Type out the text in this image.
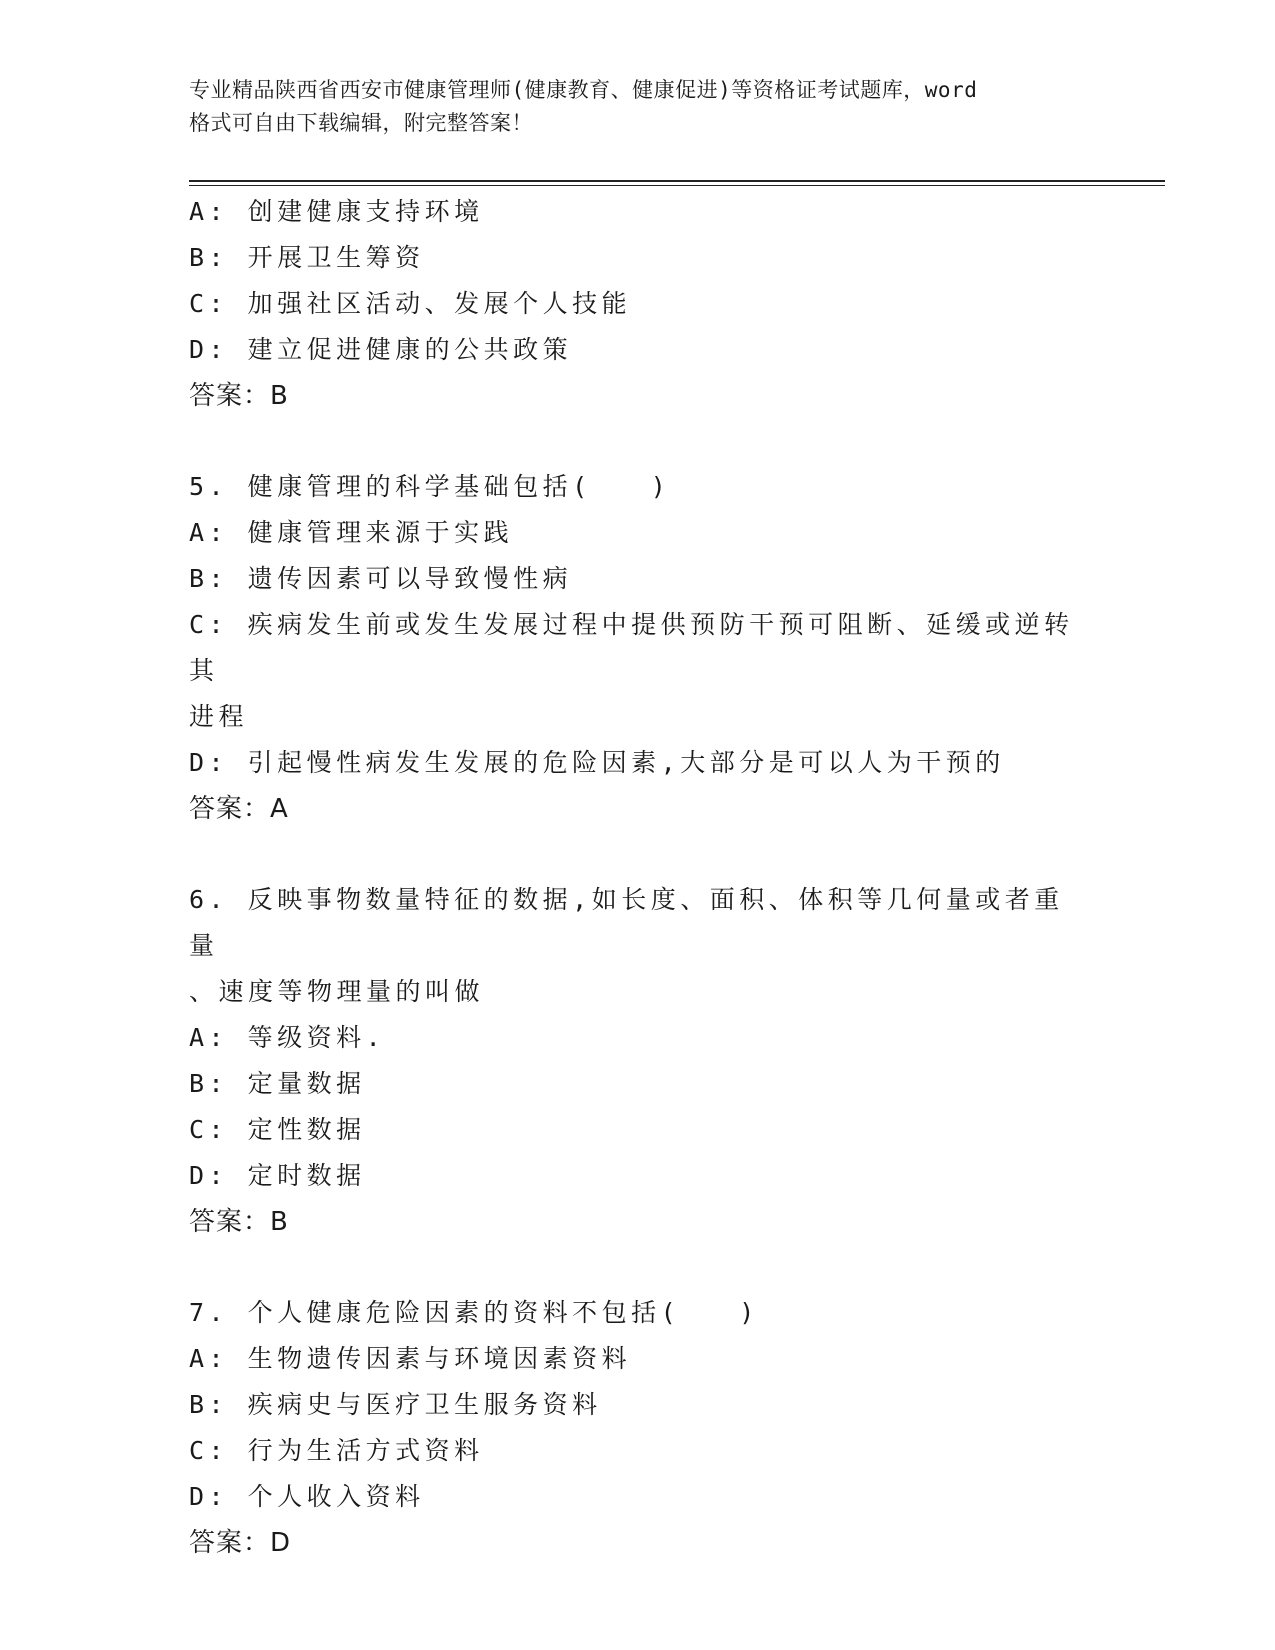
专业精品陕西省西安市健康管理师(健康教育、健康促进)等资格证考试题库，word
格式可自由下载编辑，附完整答案！
A: 创建健康支持环境
B: 开展卫生筹资
C: 加强社区活动、发展个人技能
D: 建立促进健康的公共政策
答案：B
5. 健康管理的科学基础包括(　　)
A: 健康管理来源于实践
B: 遗传因素可以导致慢性病
C: 疾病发生前或发生发展过程中提供预防干预可阻断、延缓或逆转其
进程
D: 引起慢性病发生发展的危险因素,大部分是可以人为干预的
答案：A
6. 反映事物数量特征的数据,如长度、面积、体积等几何量或者重量
、速度等物理量的叫做
A: 等级资料.
B: 定量数据
C: 定性数据
D: 定时数据
答案：B
7. 个人健康危险因素的资料不包括(　　)
A: 生物遗传因素与环境因素资料
B: 疾病史与医疗卫生服务资料
C: 行为生活方式资料
D: 个人收入资料
答案：D
